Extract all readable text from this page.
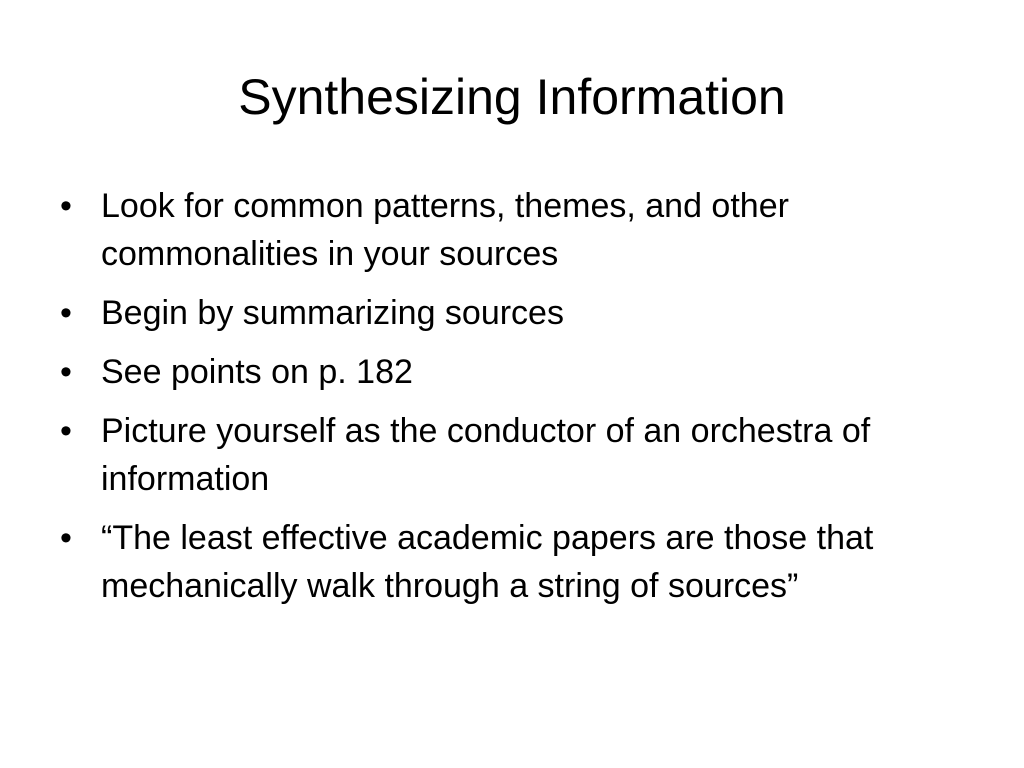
Synthesizing Information
• Look for common patterns, themes, and other commonalities in your sources
• Begin by summarizing sources
• See points on p. 182
• Picture yourself as the conductor of an orchestra of information
• “The least effective academic papers are those that mechanically walk through a string of sources”
